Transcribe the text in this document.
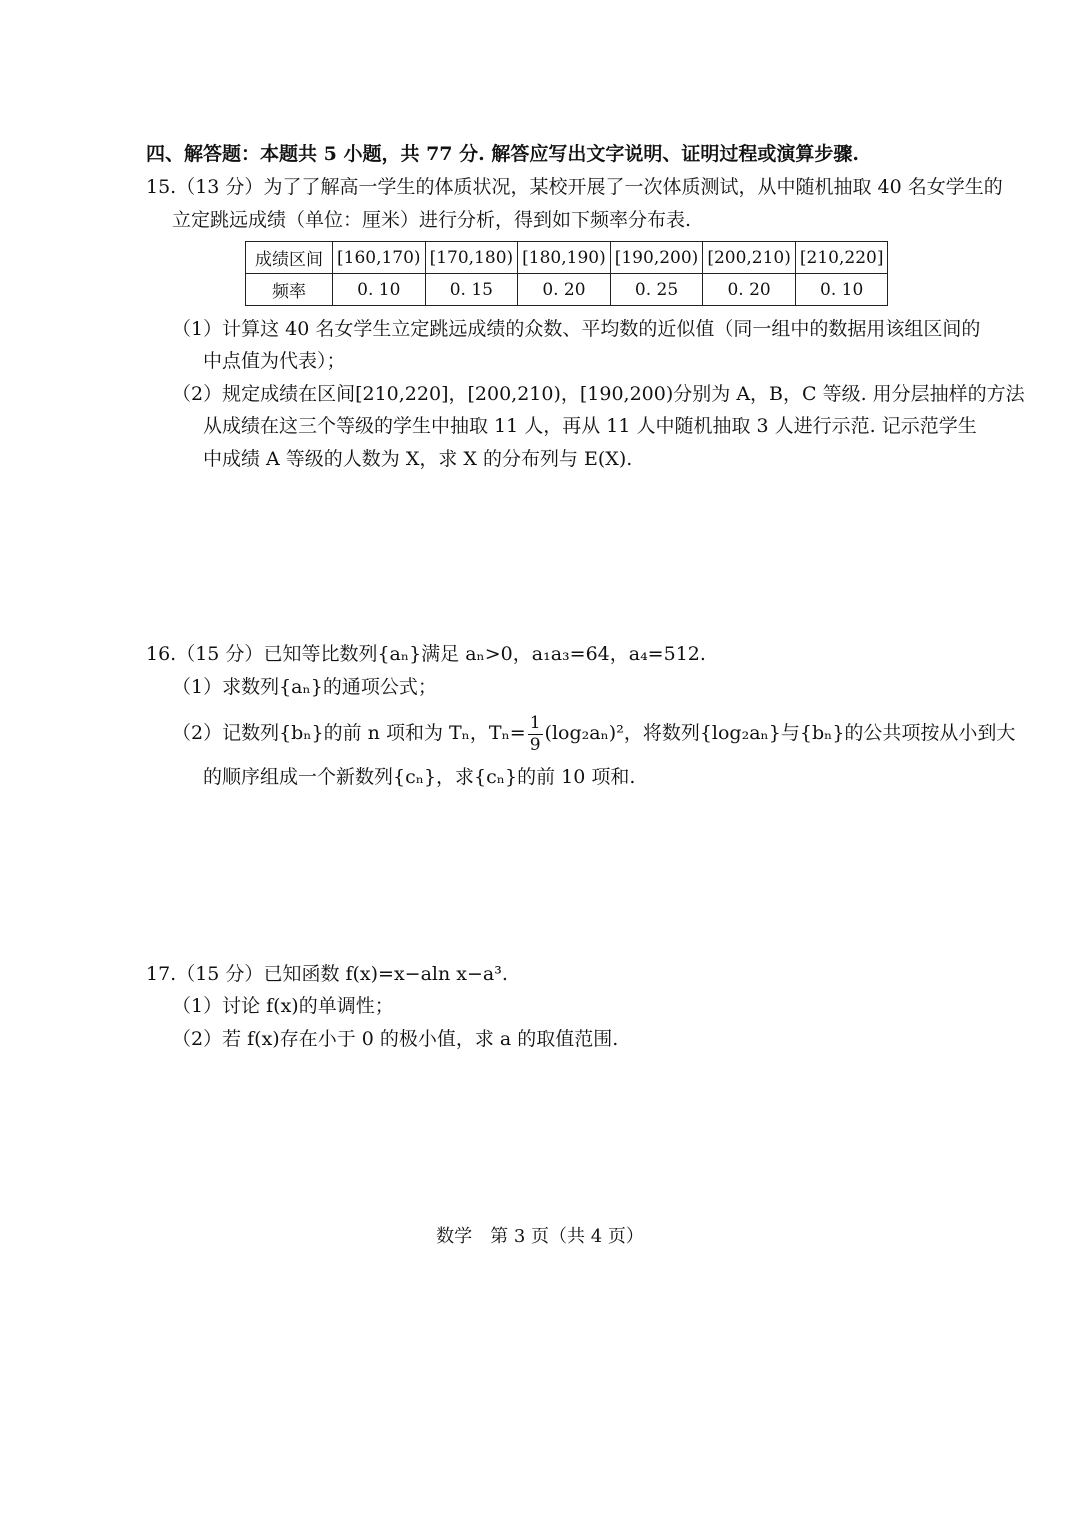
四、解答题：本题共 5 小题，共 77 分. 解答应写出文字说明、证明过程或演算步骤.
15.（13 分）为了了解高一学生的体质状况，某校开展了一次体质测试，从中随机抽取 40 名女学生的
立定跳远成绩（单位：厘米）进行分析，得到如下频率分布表.
成绩区间	[160,170)	[170,180)	[180,190)	[190,200)	[200,210)	[210,220]
频率	0. 10	0. 15	0. 20	0. 25	0. 20	0. 10
（1）计算这 40 名女学生立定跳远成绩的众数、平均数的近似值（同一组中的数据用该组区间的
中点值为代表）；
（2）规定成绩在区间[210,220]，[200,210)，[190,200)分别为 A，B，C 等级. 用分层抽样的方法
从成绩在这三个等级的学生中抽取 11 人，再从 11 人中随机抽取 3 人进行示范. 记示范学生
中成绩 A 等级的人数为 X，求 X 的分布列与 E(X).
16.（15 分）已知等比数列{aₙ}满足 aₙ>0，a₁a₃=64，a₄=512.
（1）求数列{aₙ}的通项公式；
（2）记数列{bₙ}的前 n 项和为 Tₙ，$T_n= \frac{1}{9} (\log_2a_n)^2$，将数列{log₂aₙ}与{bₙ}的公共项按从小到大
的顺序组成一个新数列{cₙ}，求{cₙ}的前 10 项和.
17.（15 分）已知函数 f(x)=x−aln x−a³.
（1）讨论 f(x)的单调性；
（2）若 f(x)存在小于 0 的极小值，求 a 的取值范围.
数学　第 3 页（共 4 页）
